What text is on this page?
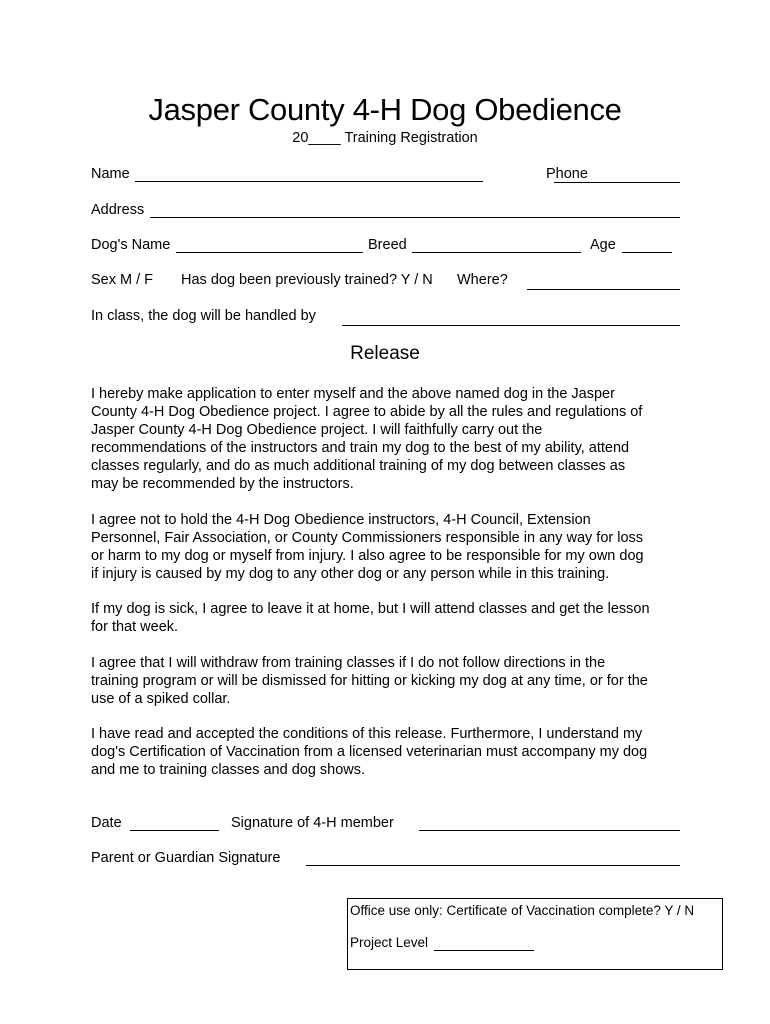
Jasper County 4-H Dog Obedience
20____ Training Registration
Name	Phone
Address
Dog's Name	Breed	Age
Sex M / F Has dog been previously trained? Y / N Where?
In class, the dog will be handled by
Release
I hereby make application to enter myself and the above named dog in the Jasper
County 4-H Dog Obedience project. I agree to abide by all the rules and regulations of
Jasper County 4-H Dog Obedience project. I will faithfully carry out the
recommendations of the instructors and train my dog to the best of my ability, attend
classes regularly, and do as much additional training of my dog between classes as
may be recommended by the instructors.
I agree not to hold the 4-H Dog Obedience instructors, 4-H Council, Extension
Personnel, Fair Association, or County Commissioners responsible in any way for loss
or harm to my dog or myself from injury. I also agree to be responsible for my own dog
if injury is caused by my dog to any other dog or any person while in this training.
If my dog is sick, I agree to leave it at home, but I will attend classes and get the lesson
for that week.
I agree that I will withdraw from training classes if I do not follow directions in the
training program or will be dismissed for hitting or kicking my dog at any time, or for the
use of a spiked collar.
I have read and accepted the conditions of this release. Furthermore, I understand my
dog's Certification of Vaccination from a licensed veterinarian must accompany my dog
and me to training classes and dog shows.
Date	Signature of 4-H member
Parent or Guardian Signature
Office use only: Certificate of Vaccination complete? Y / N
Project Level
